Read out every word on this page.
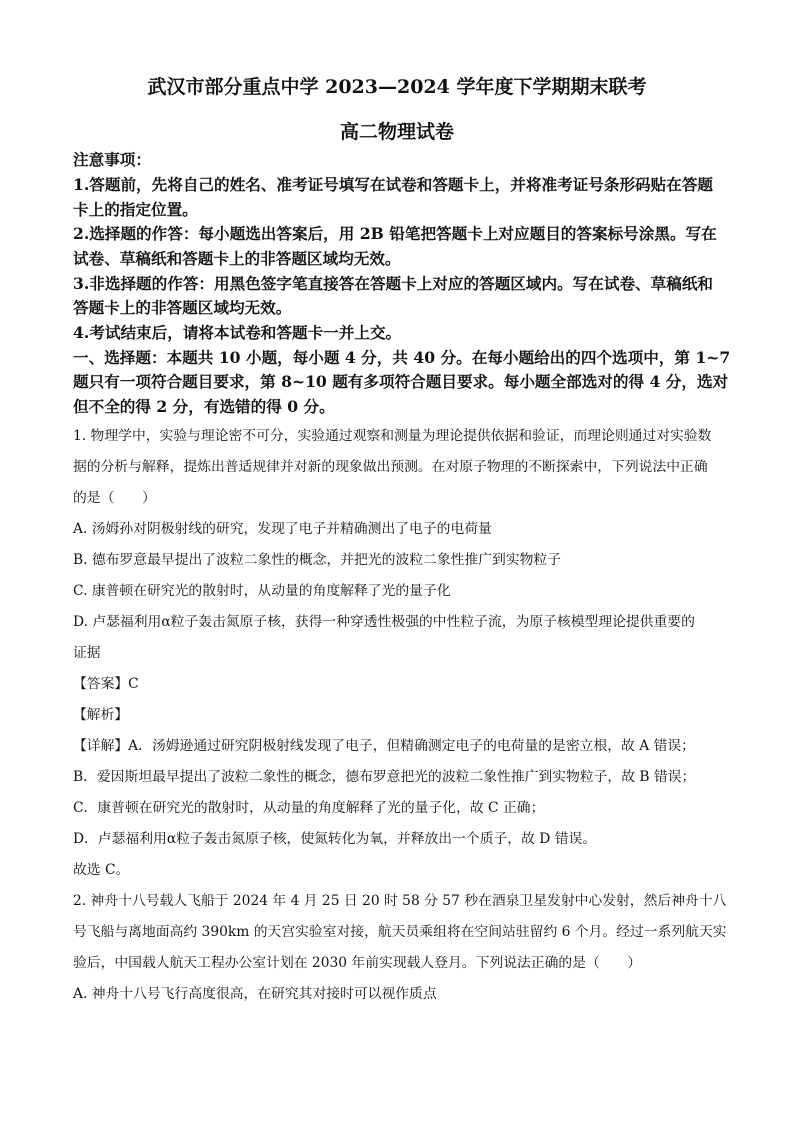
武汉市部分重点中学 2023—2024 学年度下学期期末联考
高二物理试卷
注意事项：
1.答题前，先将自己的姓名、准考证号填写在试卷和答题卡上，并将准考证号条形码贴在答题
卡上的指定位置。
2.选择题的作答：每小题选出答案后，用 2B 铅笔把答题卡上对应题目的答案标号涂黑。写在
试卷、草稿纸和答题卡上的非答题区域均无效。
3.非选择题的作答：用黑色签字笔直接答在答题卡上对应的答题区域内。写在试卷、草稿纸和
答题卡上的非答题区域均无效。
4.考试结束后，请将本试卷和答题卡一并上交。
一、选择题：本题共 10 小题，每小题 4 分，共 40 分。在每小题给出的四个选项中，第 1~7
题只有一项符合题目要求，第 8~10 题有多项符合题目要求。每小题全部选对的得 4 分，选对
但不全的得 2 分，有选错的得 0 分。
1. 物理学中，实验与理论密不可分，实验通过观察和测量为理论提供依据和验证，而理论则通过对实验数
据的分析与解释，提炼出普适规律并对新的现象做出预测。在对原子物理的不断探索中，下列说法中正确
的是（　　）
A. 汤姆孙对阴极射线的研究，发现了电子并精确测出了电子的电荷量
B. 德布罗意最早提出了波粒二象性的概念，并把光的波粒二象性推广到实物粒子
C. 康普顿在研究光的散射时，从动量的角度解释了光的量子化
D. 卢瑟福利用α粒子轰击氮原子核，获得一种穿透性极强的中性粒子流，为原子核模型理论提供重要的
证据
【答案】C
【解析】
【详解】A．汤姆逊通过研究阴极射线发现了电子，但精确测定电子的电荷量的是密立根，故 A 错误；
B．爱因斯坦最早提出了波粒二象性的概念，德布罗意把光的波粒二象性推广到实物粒子，故 B 错误；
C．康普顿在研究光的散射时，从动量的角度解释了光的量子化，故 C 正确；
D．卢瑟福利用α粒子轰击氮原子核，使氮转化为氧，并释放出一个质子，故 D 错误。
故选 C。
2. 神舟十八号载人飞船于 2024 年 4 月 25 日 20 时 58 分 57 秒在酒泉卫星发射中心发射，然后神舟十八
号飞船与离地面高约 390km 的天宫实验室对接，航天员乘组将在空间站驻留约 6 个月。经过一系列航天实
验后，中国载人航天工程办公室计划在 2030 年前实现载人登月。下列说法正确的是（　　）
A. 神舟十八号飞行高度很高，在研究其对接时可以视作质点
